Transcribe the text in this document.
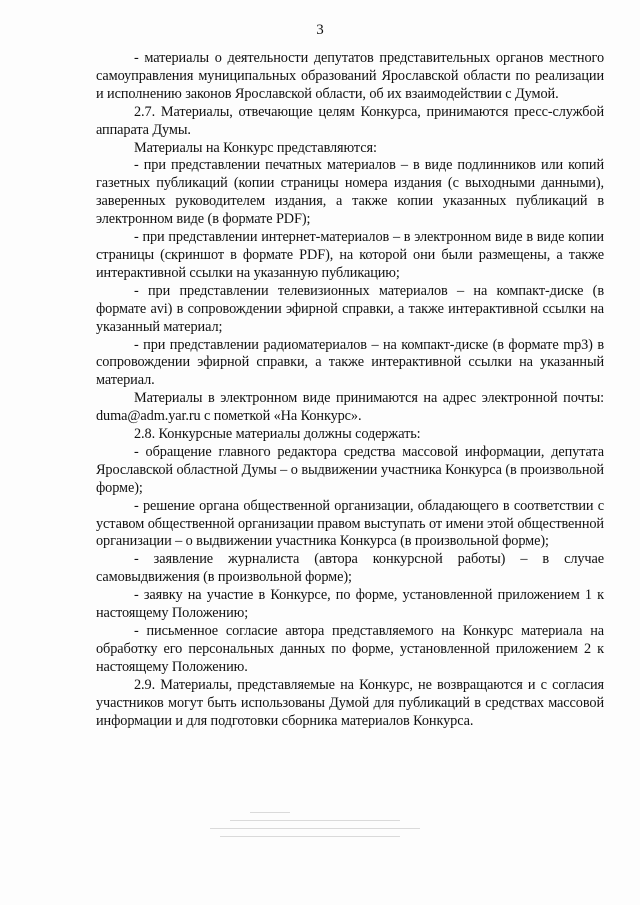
3

- материалы о деятельности депутатов представительных органов местного самоуправления муниципальных образований Ярославской области по реализации и исполнению законов Ярославской области, об их взаимодействии с Думой.

2.7. Материалы, отвечающие целям Конкурса, принимаются пресс-службой аппарата Думы.

Материалы на Конкурс представляются:

- при представлении печатных материалов – в виде подлинников или копий газетных публикаций (копии страницы номера издания (с выходными данными), заверенных руководителем издания, а также копии указанных публикаций в электронном виде (в формате PDF);

- при представлении интернет-материалов – в электронном виде в виде копии страницы (скриншот в формате PDF), на которой они были размещены, а также интерактивной ссылки на указанную публикацию;

- при представлении телевизионных материалов – на компакт-диске (в формате avi) в сопровождении эфирной справки, а также интерактивной ссылки на указанный материал;

- при представлении радиоматериалов – на компакт-диске (в формате mp3) в сопровождении эфирной справки, а также интерактивной ссылки на указанный материал.

Материалы в электронном виде принимаются на адрес электронной почты: duma@adm.yar.ru с пометкой «На Конкурс».

2.8. Конкурсные материалы должны содержать:

- обращение главного редактора средства массовой информации, депутата Ярославской областной Думы – о выдвижении участника Конкурса (в произвольной форме);

- решение органа общественной организации, обладающего в соответствии с уставом общественной организации правом выступать от имени этой общественной организации – о выдвижении участника Конкурса (в произвольной форме);

- заявление журналиста (автора конкурсной работы) – в случае самовыдвижения (в произвольной форме);

- заявку на участие в Конкурсе, по форме, установленной приложением 1 к настоящему Положению;

- письменное согласие автора представляемого на Конкурс материала на обработку его персональных данных по форме, установленной приложением 2 к настоящему Положению.

2.9. Материалы, представляемые на Конкурс, не возвращаются и с согласия участников могут быть использованы Думой для публикаций в средствах массовой информации и для подготовки сборника материалов Конкурса.
